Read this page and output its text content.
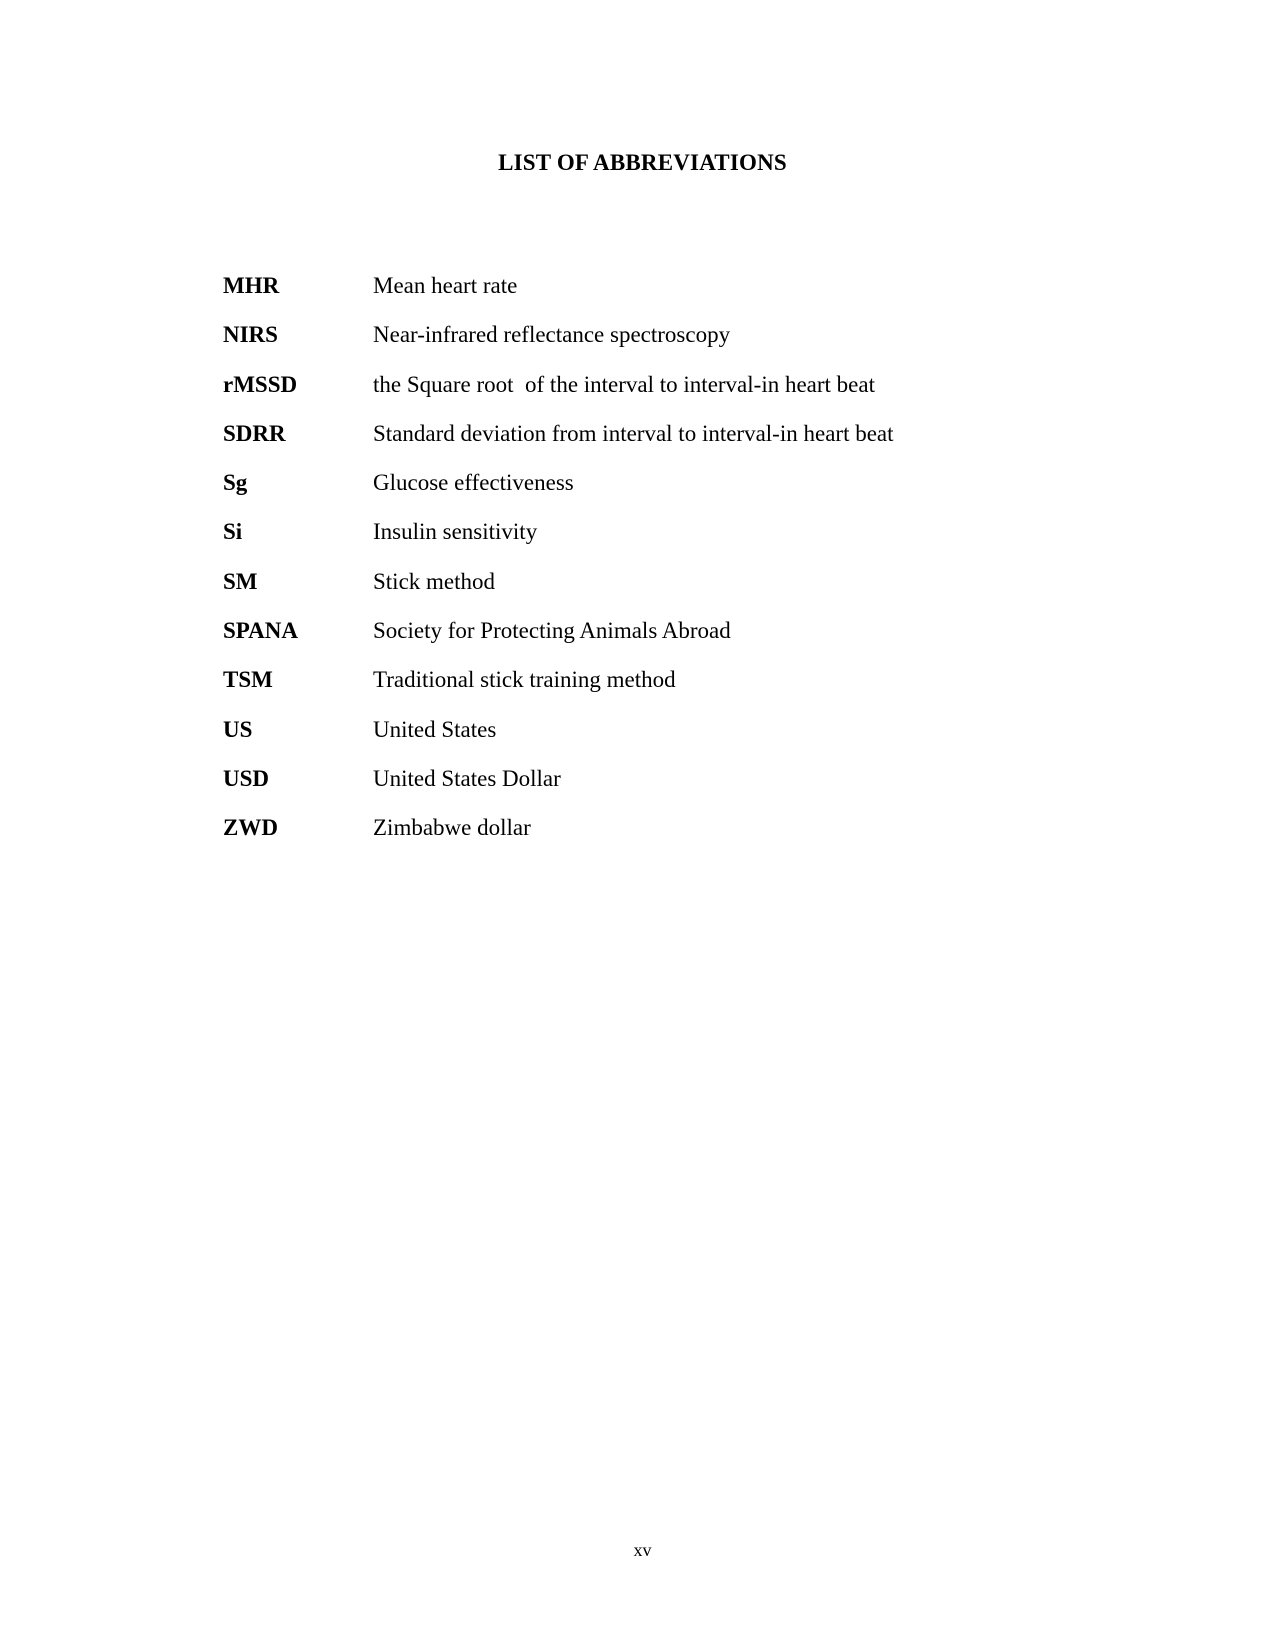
LIST OF ABBREVIATIONS
MHR	Mean heart rate
NIRS	Near-infrared reflectance spectroscopy
rMSSD	the Square root  of the interval to interval-in heart beat
SDRR	Standard deviation from interval to interval-in heart beat
Sg	Glucose effectiveness
Si	Insulin sensitivity
SM	Stick method
SPANA	Society for Protecting Animals Abroad
TSM	Traditional stick training method
US	United States
USD	United States Dollar
ZWD	Zimbabwe dollar
xv
